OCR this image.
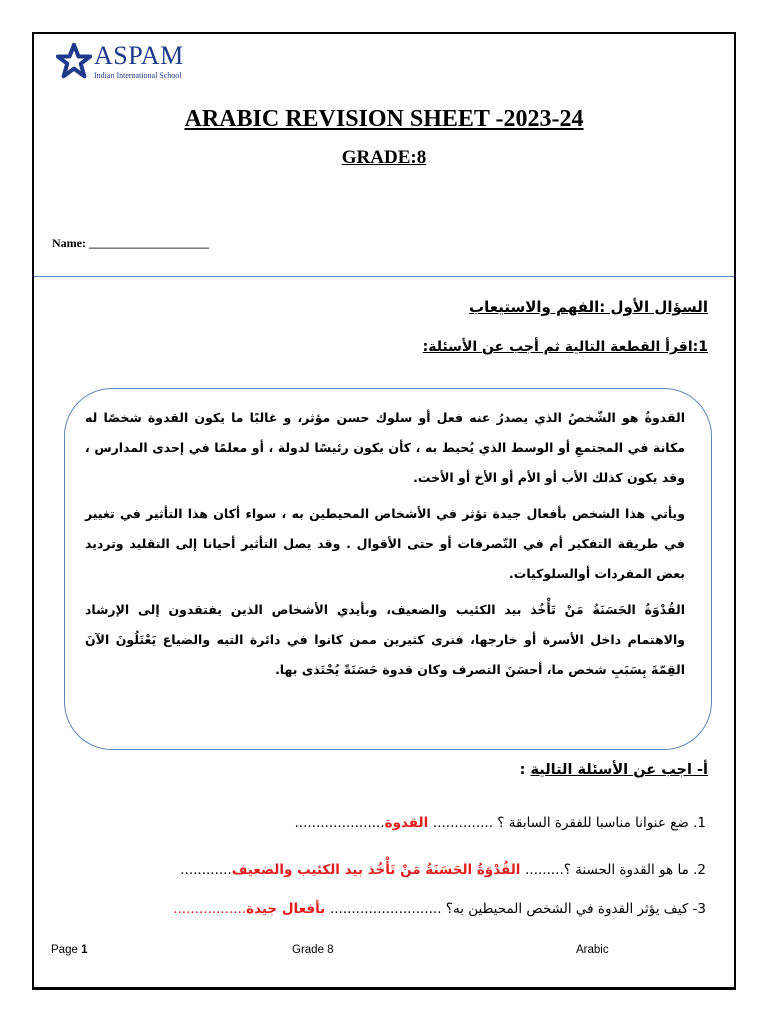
ASPAM
Indian International School
ARABIC REVISION SHEET -2023-24
GRADE:8
Name: ____________________
السؤال الأول :الفهم والاستيعاب
1:اقرأ القطعة التالية ثم أجب عن الأسئلة:

القدوةُ هو الشّخصُ الذي يصدرُ عنه فعل أو سلوك حسن مؤثر، و غالبًا ما يكون القدوة شخصًا له مكانة في المجتمعِ أو الوسط الذي يُحيط به ، كأن يكون رئيسًا لدولة ، أو معلمًا في إحدى المدارس ، وقد يكون كذلك الأب أو الأم أو الأخ أو الأخت.

ويأتي هذا الشخص بأفعال جيدة تؤثر في الأشخاص المحيطين به ، سواء أكان هذا التأثير في تغيير في طريقة التفكير أم في التّصرفات أو حتى الأقوال . وقد يصل التأثير أحيانا إلى التقليد وترديد بعض المفردات أوالسلوكيات.

القُدْوَةُ الحَسَنَةُ مَنْ تَأْخُذ بيد الكئيب والضعيف، وبأيدي الأشخاص الذين يفتقدون إلى الإرشاد والاهتمام داخل الأسرة أو خارجها، فنرى كثيرين ممن كانوا في دائرة التيه والضياع يَعْتَلُونَ الآنَ القِمّةَ بِسَبَبِ شخص ما، أحسَنَ التصرف وكان قدوة حَسَنَةً يُحْتَذى بها.

أ- اجب عن الأسئلة التالية :
1. ضع عنوانا مناسبا للفقرة السابقة ؟ .............. القدوة.....................
2. ما هو القدوة الحسنة ؟......... القُدْوَةُ الحَسَنَةُ مَنْ تَأْخُذ بيد الكئيب والضعيف............
3- كيف يؤثر القدوة في الشخص المحيطين به؟ .......................... بأفعال جيدة.................
Page 1	Grade 8	Arabic
